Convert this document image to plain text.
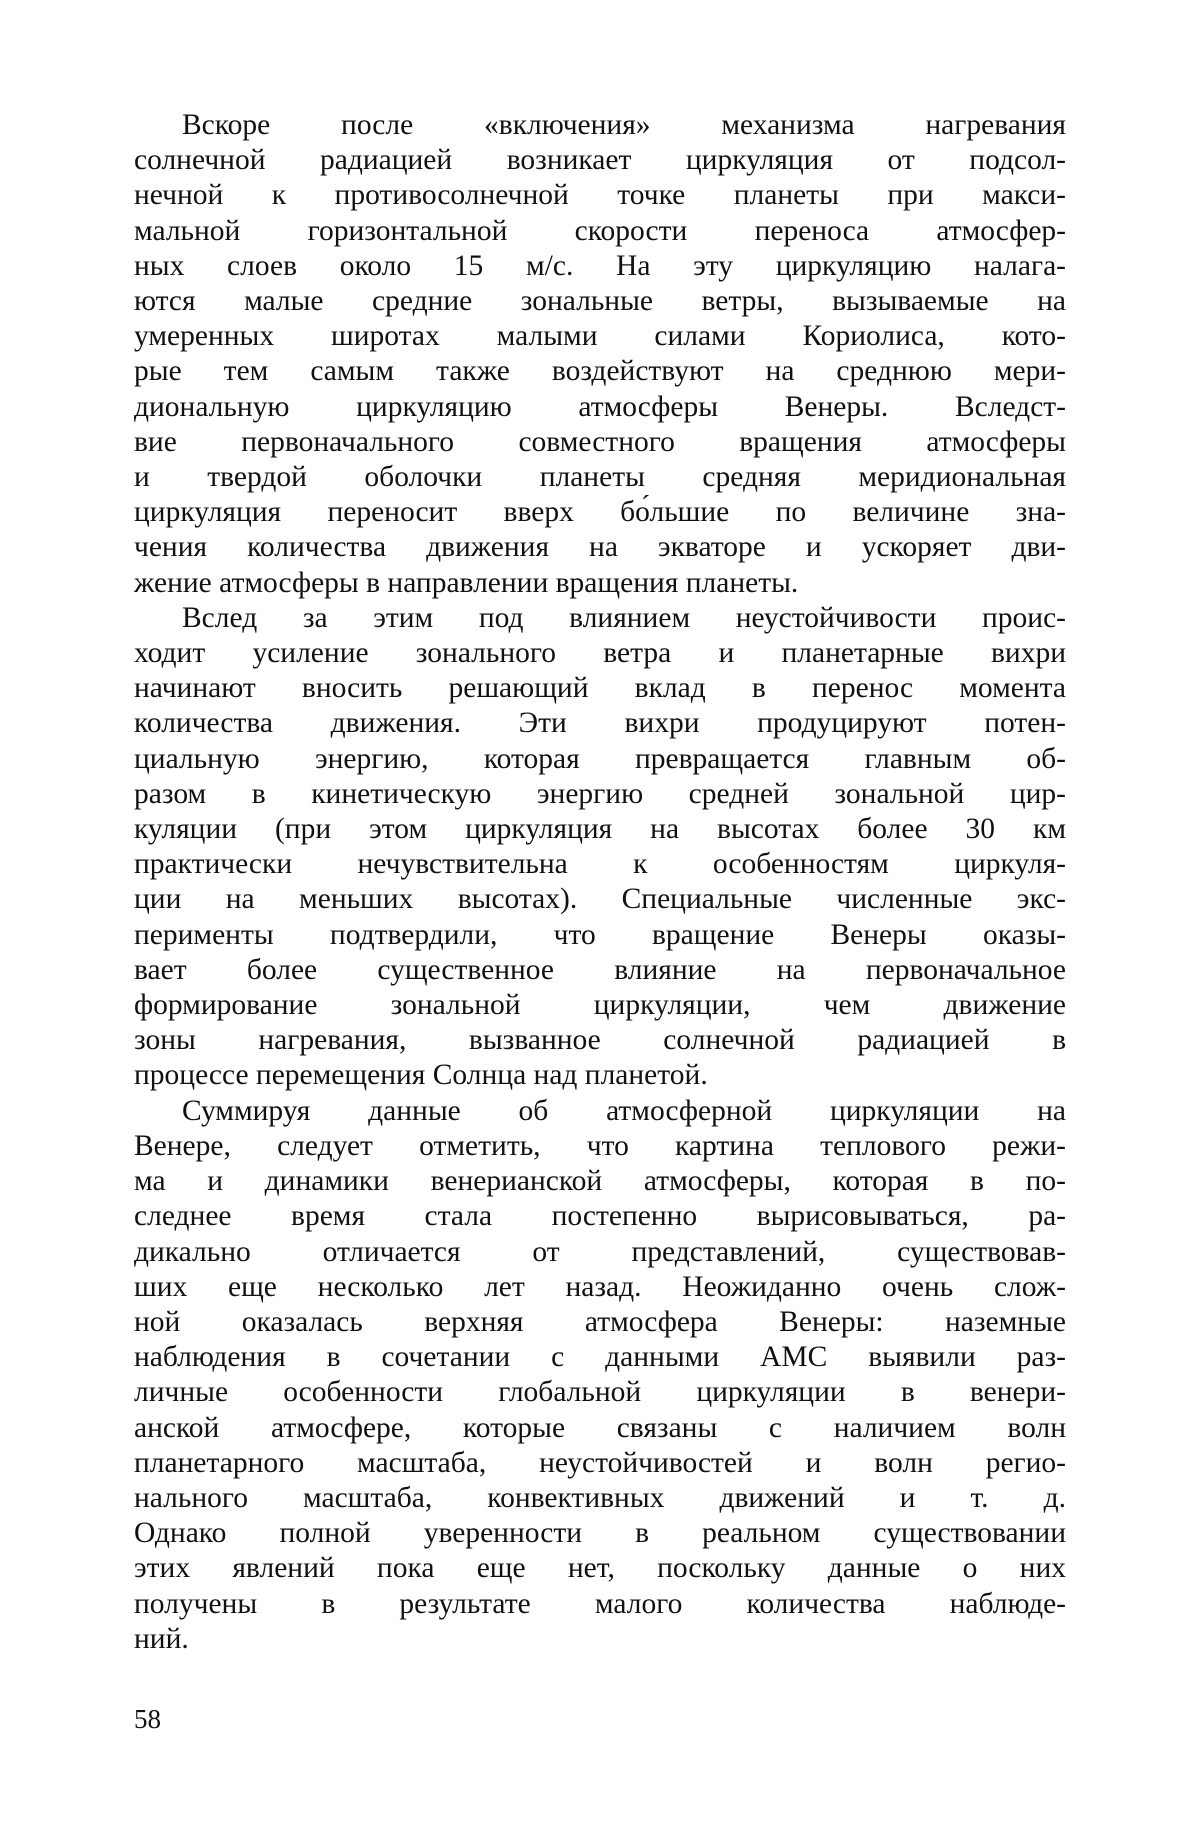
Вскоре после «включения» механизма нагревания
солнечной радиацией возникает циркуляция от подсол-
нечной к противосолнечной точке планеты при макси-
мальной горизонтальной скорости переноса атмосфер-
ных слоев около 15 м/с. На эту циркуляцию налага-
ются малые средние зональные ветры, вызываемые на
умеренных широтах малыми силами Кориолиса, кото-
рые тем самым также воздействуют на среднюю мери-
диональную циркуляцию атмосферы Венеры. Вследст-
вие первоначального совместного вращения атмосферы
и твердой оболочки планеты средняя меридиональная
циркуляция переносит вверх бо́льшие по величине зна-
чения количества движения на экваторе и ускоряет дви-
жение атмосферы в направлении вращения планеты.
Вслед за этим под влиянием неустойчивости проис-
ходит усиление зонального ветра и планетарные вихри
начинают вносить решающий вклад в перенос момента
количества движения. Эти вихри продуцируют потен-
циальную энергию, которая превращается главным об-
разом в кинетическую энергию средней зональной цир-
куляции (при этом циркуляция на высотах более 30 км
практически нечувствительна к особенностям циркуля-
ции на меньших высотах). Специальные численные экс-
перименты подтвердили, что вращение Венеры оказы-
вает более существенное влияние на первоначальное
формирование зональной циркуляции, чем движение
зоны нагревания, вызванное солнечной радиацией в
процессе перемещения Солнца над планетой.
Суммируя данные об атмосферной циркуляции на
Венере, следует отметить, что картина теплового режи-
ма и динамики венерианской атмосферы, которая в по-
следнее время стала постепенно вырисовываться, ра-
дикально отличается от представлений, существовав-
ших еще несколько лет назад. Неожиданно очень слож-
ной оказалась верхняя атмосфера Венеры: наземные
наблюдения в сочетании с данными АМС выявили раз-
личные особенности глобальной циркуляции в венери-
анской атмосфере, которые связаны с наличием волн
планетарного масштаба, неустойчивостей и волн регио-
нального масштаба, конвективных движений и т. д.
Однако полной уверенности в реальном существовании
этих явлений пока еще нет, поскольку данные о них
получены в результате малого количества наблюде-
ний.
58
